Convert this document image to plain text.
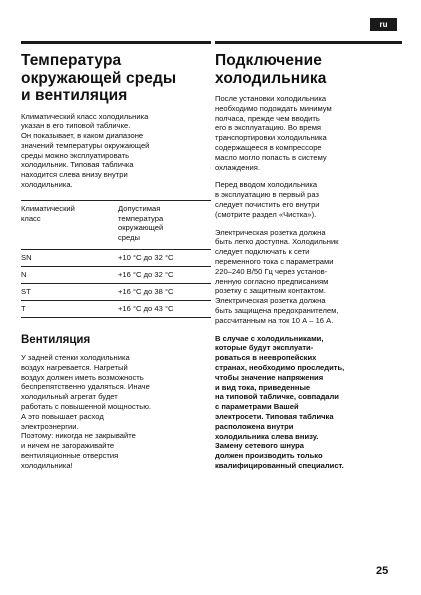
ru
Температура
окружающей среды
и вентиляция

Климатический класс холодильника
указан в его типовой табличке.
Он показывает, в каком диапазоне
значений температуры окружающей
среды можно эксплуатировать
холодильник. Типовая табличка
находится слева внизу внутри
холодильника.

Климатический
класс	Допустимая
температура
окружающей
среды
SN	+10 °C до 32 °C
N	+16 °C до 32 °C
ST	+16 °C до 38 °C
T	+16 °C до 43 °C
Вентиляция

У задней стенки холодильника
воздух нагревается. Нагретый
воздух должен иметь возможность
беспрепятственно удаляться. Иначе
холодильный агрегат будет
работать с повышенной мощностью.
А это повышает расход
электроэнергии.
Поэтому: никогда не закрывайте
и ничем не загораживайте
вентиляционные отверстия
холодильника!

Подключение
холодильника

После установки холодильника
необходимо подождать минимум
полчаса, прежде чем вводить
его в эксплуатацию. Во время
транспортировки холодильника
содержащееся в компрессоре
масло могло попасть в систему
охлаждения.

Перед вводом холодильника
в эксплуатацию в первый раз
следует почистить его внутри
(смотрите раздел «Чистка»).

Электрическая розетка должна
быть легко доступна. Холодильник
следует подключать к сети
переменного тока с параметрами
220–240 В/50 Гц через установ-
ленную согласно предписаниям
розетку с защитным контактом.
Электрическая розетка должна
быть защищена предохранителем,
рассчитанным на ток 10 А – 16 А.

В случае с холодильниками,
которые будут эксплуати-
роваться в неевропейских
странах, необходимо проследить,
чтобы значение напряжения
и вид тока, приведенные
на типовой табличке, совпадали
с параметрами Вашей
электросети. Типовая табличка
расположена внутри
холодильника слева внизу.
Замену сетевого шнура
должен производить только
квалифицированный специалист.

25
